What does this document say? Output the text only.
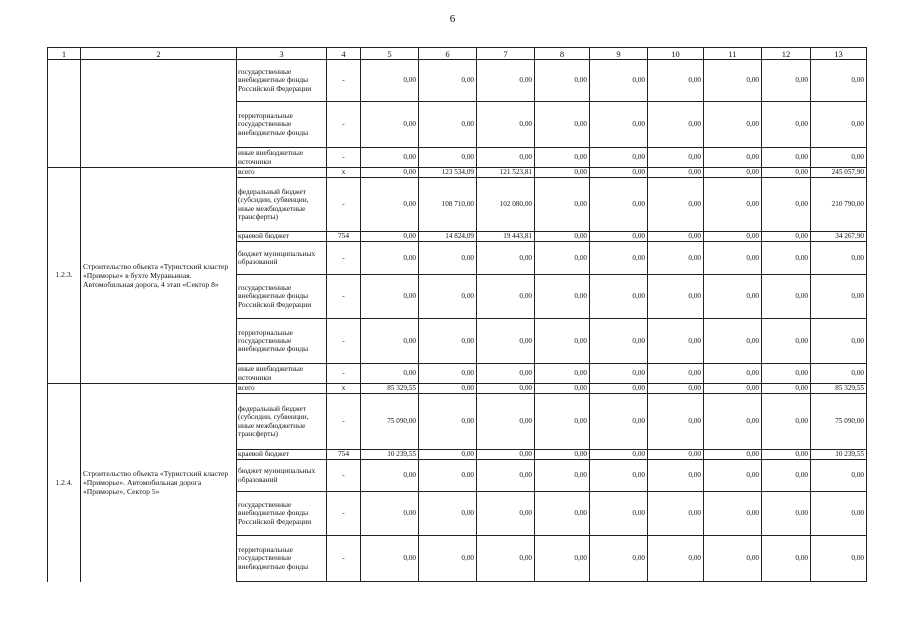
6
1	2	3	4	5	6	7	8	9	10	11	12	13
		государственные внебюджетные фонды Российской Федерации	-	0,00	0,00	0,00	0,00	0,00	0,00	0,00	0,00	0,00
		территориальные государственные внебюджетные фонды	-	0,00	0,00	0,00	0,00	0,00	0,00	0,00	0,00	0,00
		иные внебюджетные источники	-	0,00	0,00	0,00	0,00	0,00	0,00	0,00	0,00	0,00
1.2.3.	Строительство объекта «Туристский кластер «Приморье» в бухте Муравьиная. Автомобильная дорога, 4 этап «Сектор 8»	всего	х	0,00	123 534,09	121 523,81	0,00	0,00	0,00	0,00	0,00	245 057,90
		федеральный бюджет (субсидии, субвенции, иные межбюджетные трансферты)	-	0,00	108 710,00	102 080,00	0,00	0,00	0,00	0,00	0,00	210 790,00
		краевой бюджет	754	0,00	14 824,09	19 443,81	0,00	0,00	0,00	0,00	0,00	34 267,90
		бюджет муниципальных образований	-	0,00	0,00	0,00	0,00	0,00	0,00	0,00	0,00	0,00
		государственные внебюджетные фонды Российской Федерации	-	0,00	0,00	0,00	0,00	0,00	0,00	0,00	0,00	0,00
		территориальные государственные внебюджетные фонды	-	0,00	0,00	0,00	0,00	0,00	0,00	0,00	0,00	0,00
		иные внебюджетные источники	-	0,00	0,00	0,00	0,00	0,00	0,00	0,00	0,00	0,00
1.2.4.	Строительство объекта «Туристский кластер «Приморье». Автомобильная дорога «Приморье», Сектор 5»	всего	х	85 329,55	0,00	0,00	0,00	0,00	0,00	0,00	0,00	85 329,55
		федеральный бюджет (субсидии, субвенции, иные межбюджетные трансферты)	-	75 090,00	0,00	0,00	0,00	0,00	0,00	0,00	0,00	75 090,00
		краевой бюджет	754	10 239,55	0,00	0,00	0,00	0,00	0,00	0,00	0,00	10 239,55
		бюджет муниципальных образований	-	0,00	0,00	0,00	0,00	0,00	0,00	0,00	0,00	0,00
		государственные внебюджетные фонды Российской Федерации	-	0,00	0,00	0,00	0,00	0,00	0,00	0,00	0,00	0,00
		территориальные государственные внебюджетные фонды	-	0,00	0,00	0,00	0,00	0,00	0,00	0,00	0,00	0,00
